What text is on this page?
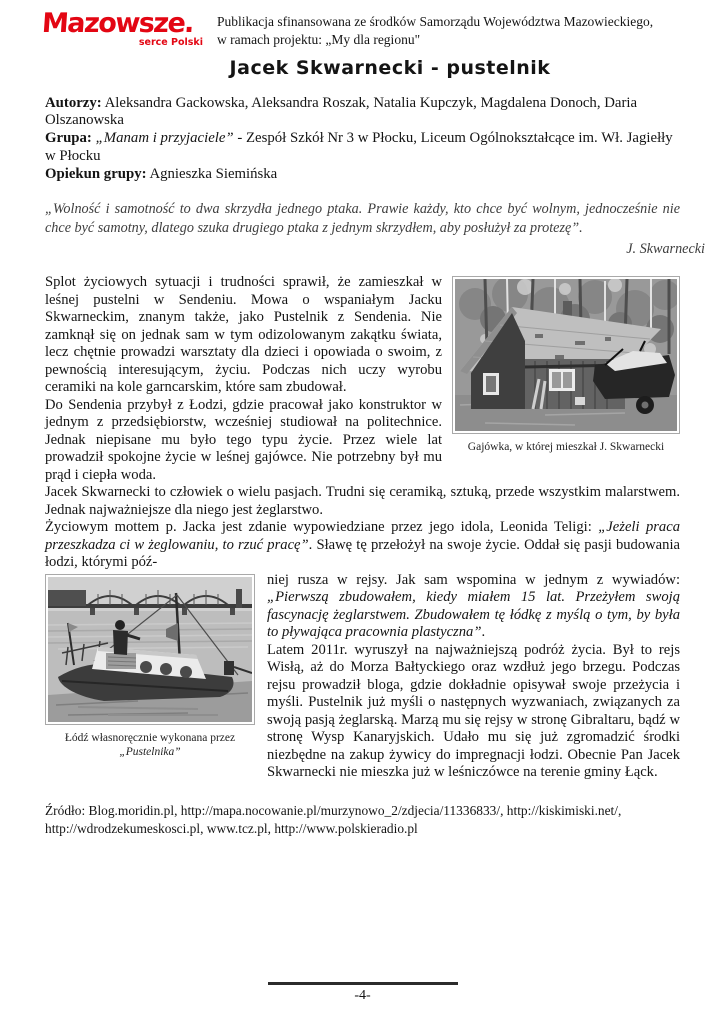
Mazowsze.
serce Polski
Publikacja sfinansowana ze środków Samorządu Województwa Mazowieckiego,
w ramach projektu: „My dla regionu"
Jacek Skwarnecki - pustelnik
Autorzy: Aleksandra Gackowska, Aleksandra Roszak, Natalia Kupczyk, Magdalena Donoch, Daria Olszanowska
Grupa: „Manam i przyjaciele” - Zespół Szkół Nr 3 w Płocku, Liceum Ogólnokształcące im. Wł. Jagiełły w Płocku
Opiekun grupy: Agnieszka Siemińska
„Wolność i samotność to dwa skrzydła jednego ptaka. Prawie każdy, kto chce być wolnym, jednocześnie nie chce być samotny, dlatego szuka drugiego ptaka z jednym skrzydłem, aby posłużył za protezę”.
J. Skwarnecki
Gajówka, w której mieszkał J. Skwarnecki

Splot życiowych sytuacji i trudności sprawił, że zamieszkał w leśnej pustelni w Sendeniu. Mowa o wspaniałym Jacku Skwarneckim, znanym także, jako Pustelnik z Sendenia. Nie zamknął się on jednak sam w tym odizolowanym zakątku świata, lecz chętnie prowadzi warsztaty dla dzieci i opowiada o swoim, z pewnością interesującym, życiu. Podczas nich uczy wyrobu ceramiki na kole garncarskim, które sam zbudował.

Do Sendenia przybył z Łodzi, gdzie pracował jako konstruktor w jednym z przedsiębiorstw, wcześniej studiował na politechnice. Jednak niepisane mu było tego typu życie. Przez wiele lat prowadził spokojne życie w leśnej gajówce. Nie potrzebny był mu prąd i ciepła woda.

Jacek Skwarnecki to człowiek o wielu pasjach. Trudni się ceramiką, sztuką, przede wszystkim malarstwem. Jednak najważniejsze dla niego jest żeglarstwo.

Życiowym mottem p. Jacka jest zdanie wypowiedziane przez jego idola, Leonida Teligi: „Jeżeli praca przeszkadza ci w żeglowaniu, to rzuć pracę”. Sławę tę przełożył na swoje życie. Oddał się pasji budowania łodzi, którymi póź-

Łódź własnoręcznie wykonana przez „Pustelnika”

niej rusza w rejsy. Jak sam wspomina w jednym z wywiadów: „Pierwszą zbudowałem, kiedy miałem 15 lat. Przeżyłem swoją fascynację żeglarstwem. Zbudowałem tę łódkę z myślą o tym, by była to pływająca pracownia plastyczna”.

Latem 2011r. wyruszył na najważniejszą podróż życia. Był to rejs Wisłą, aż do Morza Bałtyckiego oraz wzdłuż jego brzegu. Podczas rejsu prowadził bloga, gdzie dokładnie opisywał swoje przeżycia i myśli. Pustelnik już myśli o następnych wyzwaniach, związanych za swoją pasją żeglarską. Marzą mu się rejsy w stronę Gibraltaru, bądź w stronę Wysp Kanaryjskich. Udało mu się już zgromadzić środki niezbędne na zakup żywicy do impregnacji łodzi. Obecnie Pan Jacek Skwarnecki nie mieszka już w leśniczówce na terenie gminy Łąck.

Źródło: Blog.moridin.pl, http://mapa.nocowanie.pl/murzynowo_2/zdjecia/11336833/, http://kiskimiski.net/, http://wdrodzekumeskosci.pl, www.tcz.pl, http://www.polskieradio.pl
-4-
